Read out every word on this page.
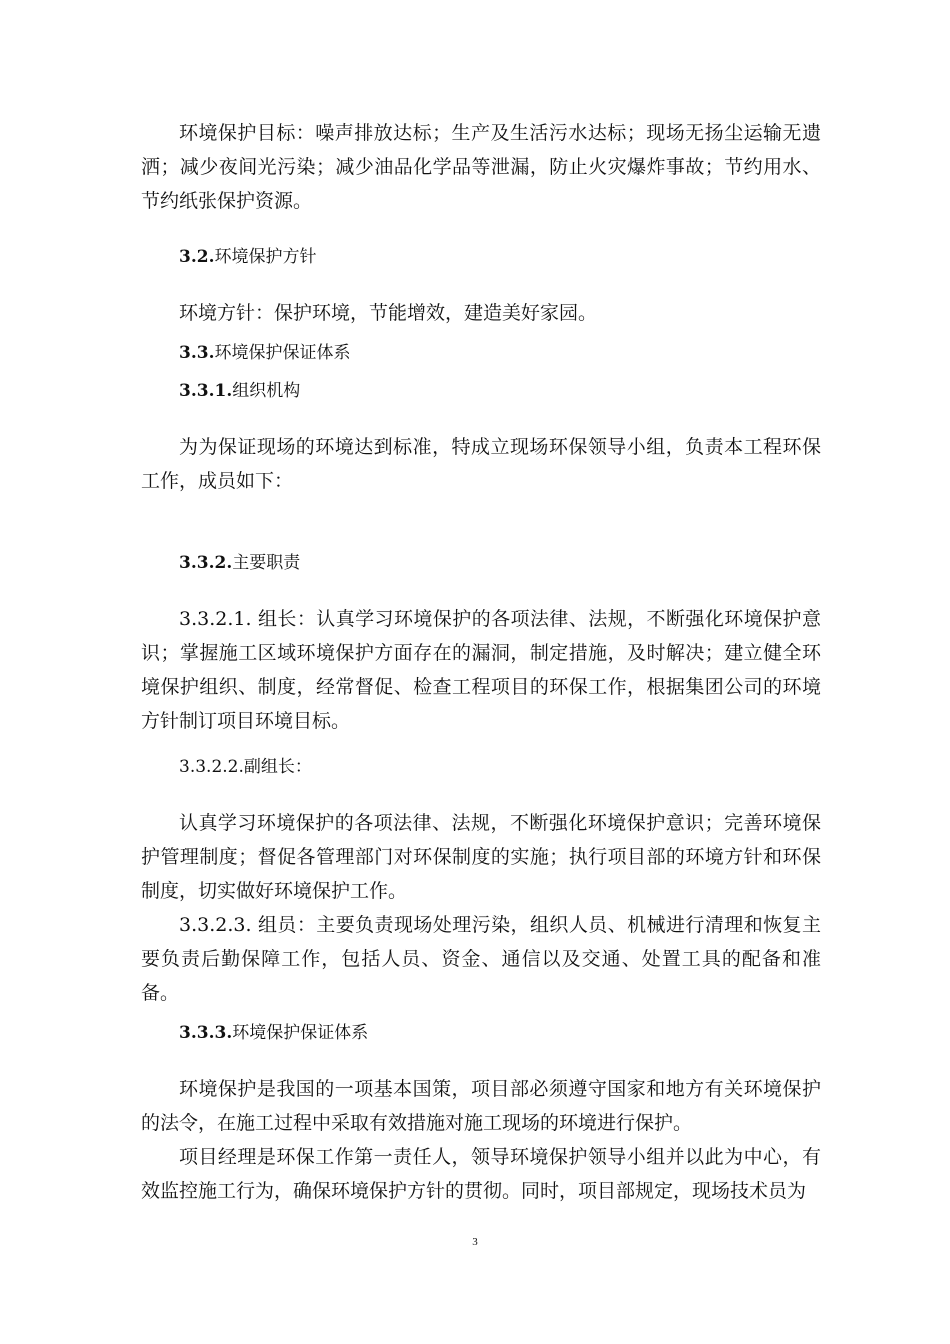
环境保护目标：噪声排放达标；生产及生活污水达标；现场无扬尘运输无遗洒；减少夜间光污染；减少油品化学品等泄漏，防止火灾爆炸事故；节约用水、节约纸张保护资源。

3.2.环境保护方针

环境方针：保护环境，节能增效，建造美好家园。

3.3.环境保护保证体系

3.3.1.组织机构

为为保证现场的环境达到标准，特成立现场环保领导小组，负责本工程环保工作，成员如下：

3.3.2.主要职责

3.3.2.1. 组长：认真学习环境保护的各项法律、法规，不断强化环境保护意识；掌握施工区域环境保护方面存在的漏洞，制定措施，及时解决；建立健全环境保护组织、制度，经常督促、检查工程项目的环保工作，根据集团公司的环境方针制订项目环境目标。

3.3.2.2.副组长：

认真学习环境保护的各项法律、法规，不断强化环境保护意识；完善环境保护管理制度；督促各管理部门对环保制度的实施；执行项目部的环境方针和环保制度，切实做好环境保护工作。

3.3.2.3. 组员：主要负责现场处理污染，组织人员、机械进行清理和恢复主要负责后勤保障工作，包括人员、资金、通信以及交通、处置工具的配备和准备。

3.3.3.环境保护保证体系

环境保护是我国的一项基本国策，项目部必须遵守国家和地方有关环境保护的法令，在施工过程中采取有效措施对施工现场的环境进行保护。

项目经理是环保工作第一责任人，领导环境保护领导小组并以此为中心，有效监控施工行为，确保环境保护方针的贯彻。同时，项目部规定，现场技术员为

3
